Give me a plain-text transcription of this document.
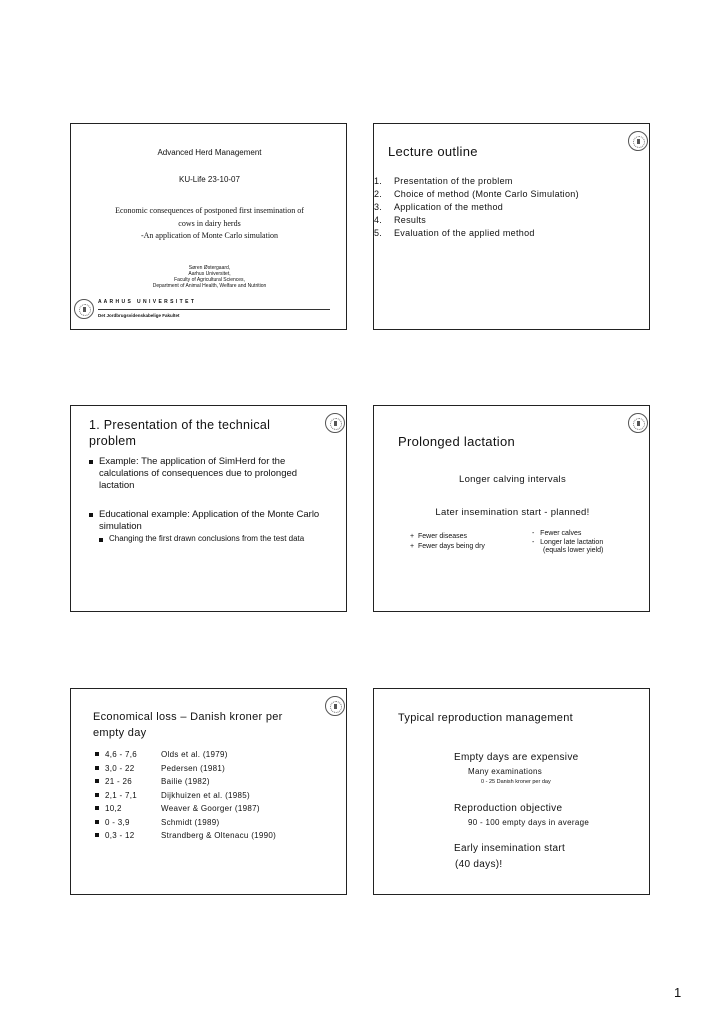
Advanced Herd Management
KU-Life 23-10-07
Economic consequences of postponed first insemination of
cows in dairy herds
-An application of Monte Carlo simulation
Søren Østergaard,
Aarhus Universitet,
Faculty of Agricultural Sciences,
Department of Animal Health, Welfare and Nutrition
A A R H U S   U N I V E R S I T E T
Det Jordbrugsvidenskabelige Fakultet
Lecture outline
1. Presentation of the problem
2. Choice of method (Monte Carlo Simulation)
3. Application of the method
4. Results
5. Evaluation of the applied method
1. Presentation of the technical
problem
Example: The application of SimHerd for the calculations of consequences due to prolonged lactation
Educational example: Application of the Monte Carlo simulation
Changing the first drawn conclusions from the test data
Prolonged lactation
Longer calving intervals
Later insemination start - planned!
+  Fewer diseases
+  Fewer days being dry
-   Fewer calves
-   Longer late lactation
(equals lower yield)
Economical loss – Danish kroner per
empty day
4,6 - 7,6	Olds et al. (1979)
3,0 - 22	Pedersen (1981)
21 - 26	Bailie (1982)
2,1 - 7,1	Dijkhuizen et al. (1985)
10,2	Weaver & Goorger (1987)
0 - 3,9	Schmidt (1989)
0,3 - 12	Strandberg & Oltenacu (1990)
Typical reproduction management
Empty days are expensive
Many examinations
0 - 25 Danish kroner per day
Reproduction objective
90 - 100 empty days in average
Early insemination start
(40 days)!
1
